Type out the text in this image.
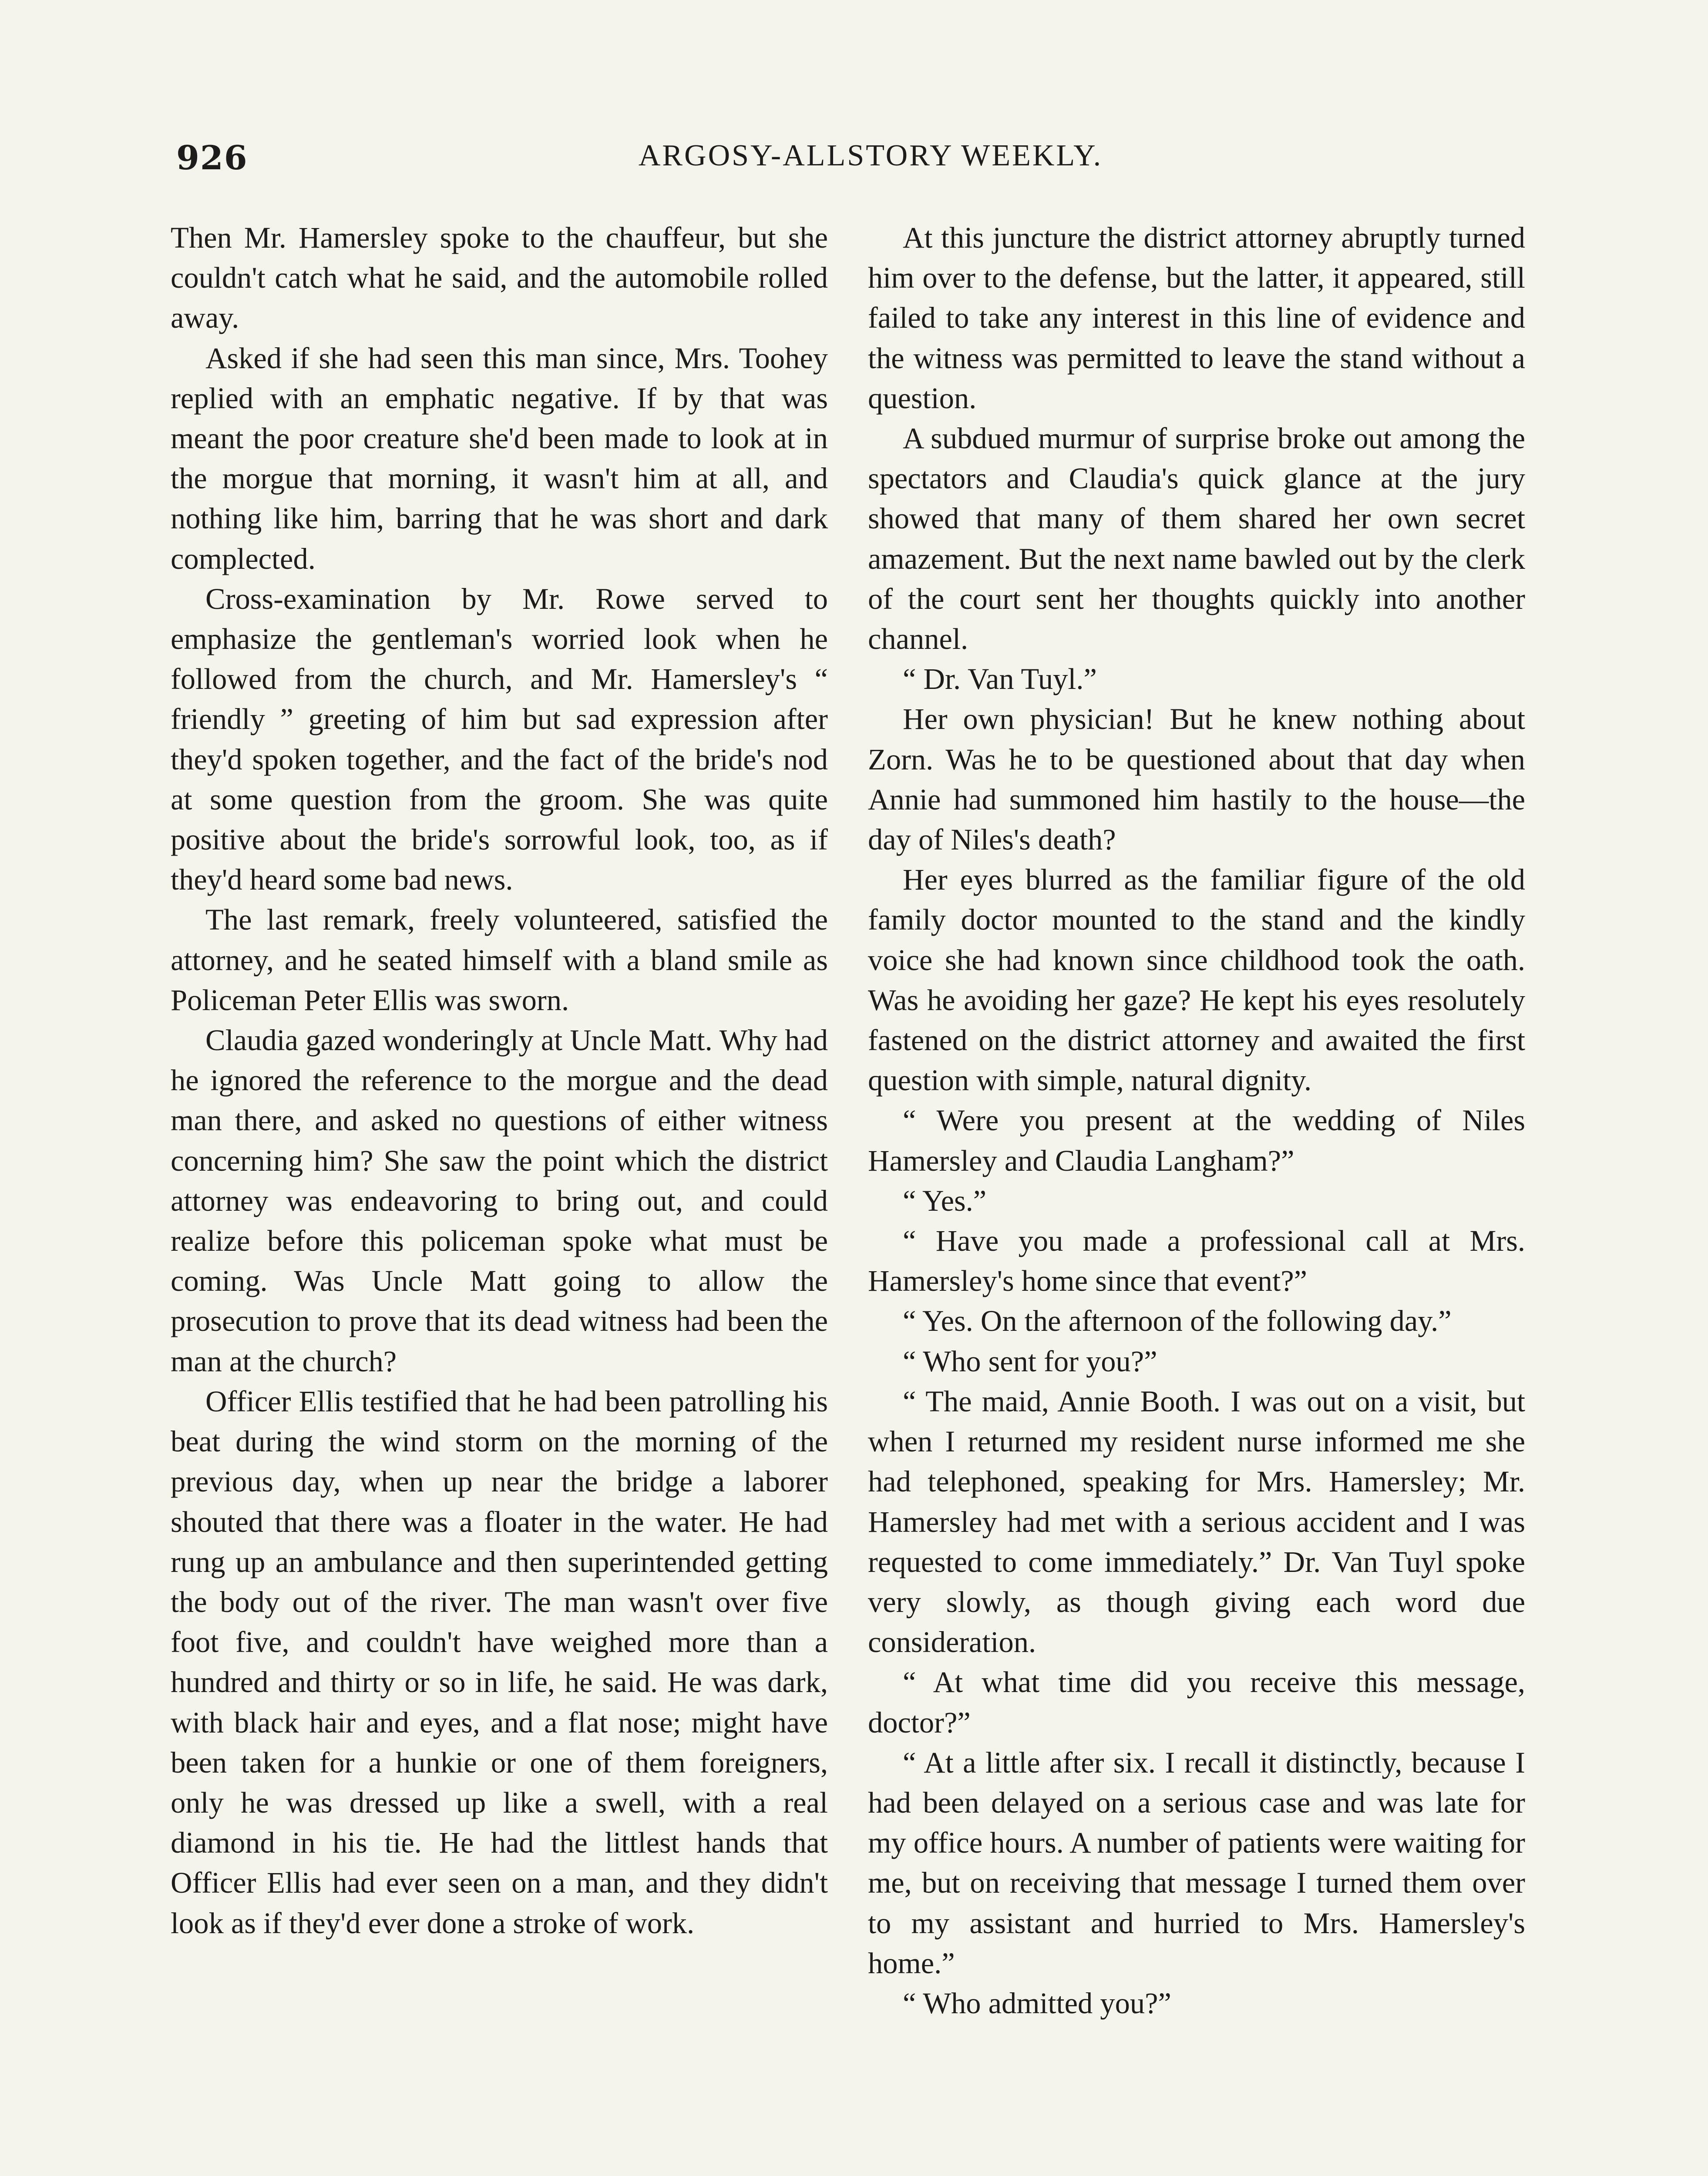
926	ARGOSY-ALLSTORY WEEKLY.

Then Mr. Hamersley spoke to the chauffeur, but she couldn't catch what he said, and the automobile rolled away.

Asked if she had seen this man since, Mrs. Toohey replied with an emphatic negative. If by that was meant the poor creature she'd been made to look at in the morgue that morning, it wasn't him at all, and nothing like him, barring that he was short and dark complected.

Cross-examination by Mr. Rowe served to emphasize the gentleman's worried look when he followed from the church, and Mr. Hamersley's “ friendly ” greeting of him but sad expression after they'd spoken together, and the fact of the bride's nod at some question from the groom. She was quite positive about the bride's sorrowful look, too, as if they'd heard some bad news.

The last remark, freely volunteered, satisfied the attorney, and he seated himself with a bland smile as Policeman Peter Ellis was sworn.

Claudia gazed wonderingly at Uncle Matt. Why had he ignored the reference to the morgue and the dead man there, and asked no questions of either witness concerning him? She saw the point which the district attorney was endeavoring to bring out, and could realize before this policeman spoke what must be coming. Was Uncle Matt going to allow the prosecution to prove that its dead witness had been the man at the church?

Officer Ellis testified that he had been patrolling his beat during the wind storm on the morning of the previous day, when up near the bridge a laborer shouted that there was a floater in the water. He had rung up an ambulance and then superintended getting the body out of the river. The man wasn't over five foot five, and couldn't have weighed more than a hundred and thirty or so in life, he said. He was dark, with black hair and eyes, and a flat nose; might have been taken for a hunkie or one of them foreigners, only he was dressed up like a swell, with a real diamond in his tie. He had the littlest hands that Officer Ellis had ever seen on a man, and they didn't look as if they'd ever done a stroke of work.

At this juncture the district attorney abruptly turned him over to the defense, but the latter, it appeared, still failed to take any interest in this line of evidence and the witness was permitted to leave the stand without a question.

A subdued murmur of surprise broke out among the spectators and Claudia's quick glance at the jury showed that many of them shared her own secret amazement. But the next name bawled out by the clerk of the court sent her thoughts quickly into another channel.

“ Dr. Van Tuyl.”

Her own physician! But he knew nothing about Zorn. Was he to be questioned about that day when Annie had summoned him hastily to the house—the day of Niles's death?

Her eyes blurred as the familiar figure of the old family doctor mounted to the stand and the kindly voice she had known since childhood took the oath. Was he avoiding her gaze? He kept his eyes resolutely fastened on the district attorney and awaited the first question with simple, natural dignity.

“ Were you present at the wedding of Niles Hamersley and Claudia Langham?”

“ Yes.”

“ Have you made a professional call at Mrs. Hamersley's home since that event?”

“ Yes. On the afternoon of the following day.”

“ Who sent for you?”

“ The maid, Annie Booth. I was out on a visit, but when I returned my resident nurse informed me she had telephoned, speaking for Mrs. Hamersley; Mr. Hamersley had met with a serious accident and I was requested to come immediately.” Dr. Van Tuyl spoke very slowly, as though giving each word due consideration.

“ At what time did you receive this message, doctor?”

“ At a little after six. I recall it distinctly, because I had been delayed on a serious case and was late for my office hours. A number of patients were waiting for me, but on receiving that message I turned them over to my assistant and hurried to Mrs. Hamersley's home.”

“ Who admitted you?”
